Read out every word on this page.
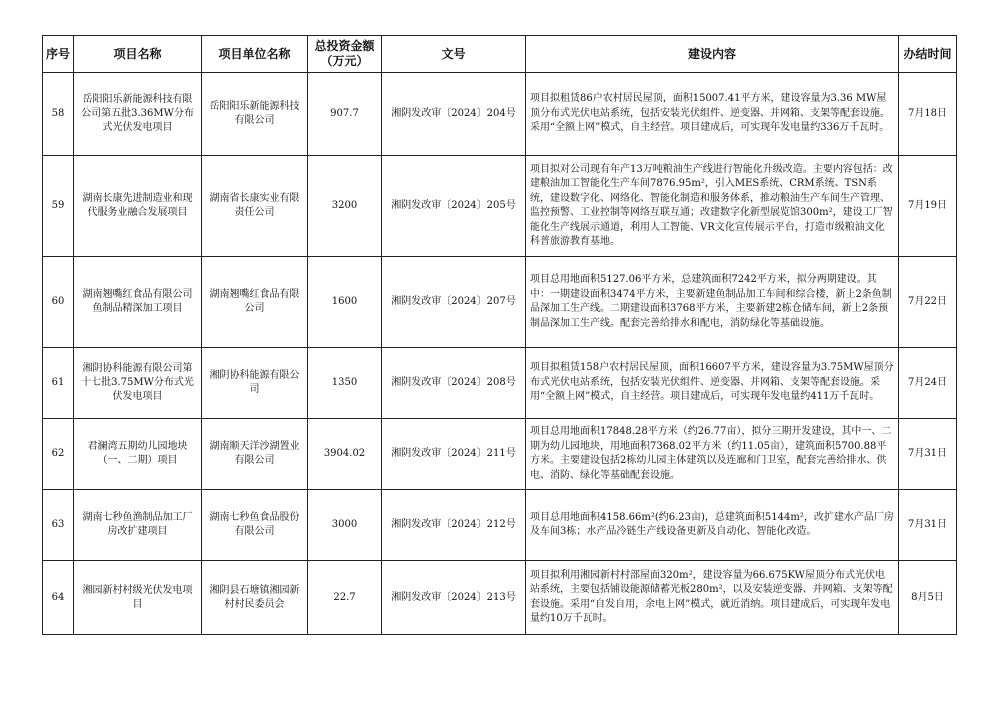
序号	项目名称	项目单位名称	总投资金额（万元）	文号	建设内容	办结时间
58	岳阳阳乐新能源科技有限公司第五批3.36MW分布式光伏发电项目	岳阳阳乐新能源科技有限公司	907.7	湘阴发改审〔2024〕204号	项目拟租赁86户农村居民屋顶，面积15007.41平方米，建设容量为3.36 MW屋顶分布式光伏电站系统，包括安装光伏组件、逆变器、并网箱、支架等配套设施。采用“全额上网”模式，自主经营。项目建成后，可实现年发电量约336万千瓦时。	7月18日
59	湖南长康先进制造业和现代服务业融合发展项目	湖南省长康实业有限责任公司	3200	湘阴发改审〔2024〕205号	项目拟对公司现有年产13万吨粮油生产线进行智能化升级改造。主要内容包括：改建粮油加工智能化生产车间7876.95m²，引入MES系统、CRM系统、TSN系统，建设数字化、网络化、智能化制造和服务体系，推动粮油生产车间生产管理、监控预警、工业控制等网络互联互通；改建数字化新型展览馆300m²，建设工厂智能化生产线展示通道，利用人工智能、VR文化宣传展示平台，打造市级粮油文化科普旅游教育基地。	7月19日
60	湖南翘嘴红食品有限公司鱼制品精深加工项目	湖南翘嘴红食品有限公司	1600	湘阴发改审〔2024〕207号	项目总用地面积5127.06平方米，总建筑面积7242平方米，拟分两期建设。其中：一期建设面积3474平方米，主要新建鱼制品加工车间和综合楼，新上2条鱼制品深加工生产线。二期建设面积3768平方米，主要新建2栋仓储车间，新上2条预制品深加工生产线。配套完善给排水和配电，消防绿化等基础设施。	7月22日
61	湘阴协科能源有限公司第十七批3.75MW分布式光伏发电项目	湘阴协科能源有限公司	1350	湘阴发改审〔2024〕208号	项目拟租赁158户农村居民屋顶，面积16607平方米，建设容量为3.75MW屋顶分布式光伏电站系统，包括安装光伏组件、逆变器、并网箱、支架等配套设施。采用“全额上网”模式，自主经营。项目建成后，可实现年发电量约411万千瓦时。	7月24日
62	君澜湾五期幼儿园地块（一、二期）项目	湖南顺天洋沙湖置业有限公司	3904.02	湘阴发改审〔2024〕211号	项目总用地面积17848.28平方米（约26.77亩），拟分三期开发建设，其中一、二期为幼儿园地块，用地面积7368.02平方米（约11.05亩），建筑面积5700.88平方米。主要建设包括2栋幼儿园主体建筑以及连廊和门卫室，配套完善给排水、供电、消防、绿化等基础配套设施。	7月31日
63	湖南七秒鱼渔制品加工厂房改扩建项目	湖南七秒鱼食品股份有限公司	3000	湘阴发改审〔2024〕212号	项目总用地面积4158.66m²(约6.23亩)，总建筑面积5144m²，改扩建水产品厂房及车间3栋；水产品冷链生产线设备更新及自动化、智能化改造。	7月31日
64	湘园新村村级光伏发电项目	湘阴县石塘镇湘园新村村民委员会	22.7	湘阴发改审〔2024〕213号	项目拟利用湘园新村村部屋面320m²，建设容量为66.675KW屋顶分布式光伏电站系统，主要包括铺设能源储蓄光板280m²，以及安装逆变器、并网箱、支架等配套设施。采用“自发自用，余电上网”模式，就近消纳。项目建成后，可实现年发电量约10万千瓦时。	8月5日
